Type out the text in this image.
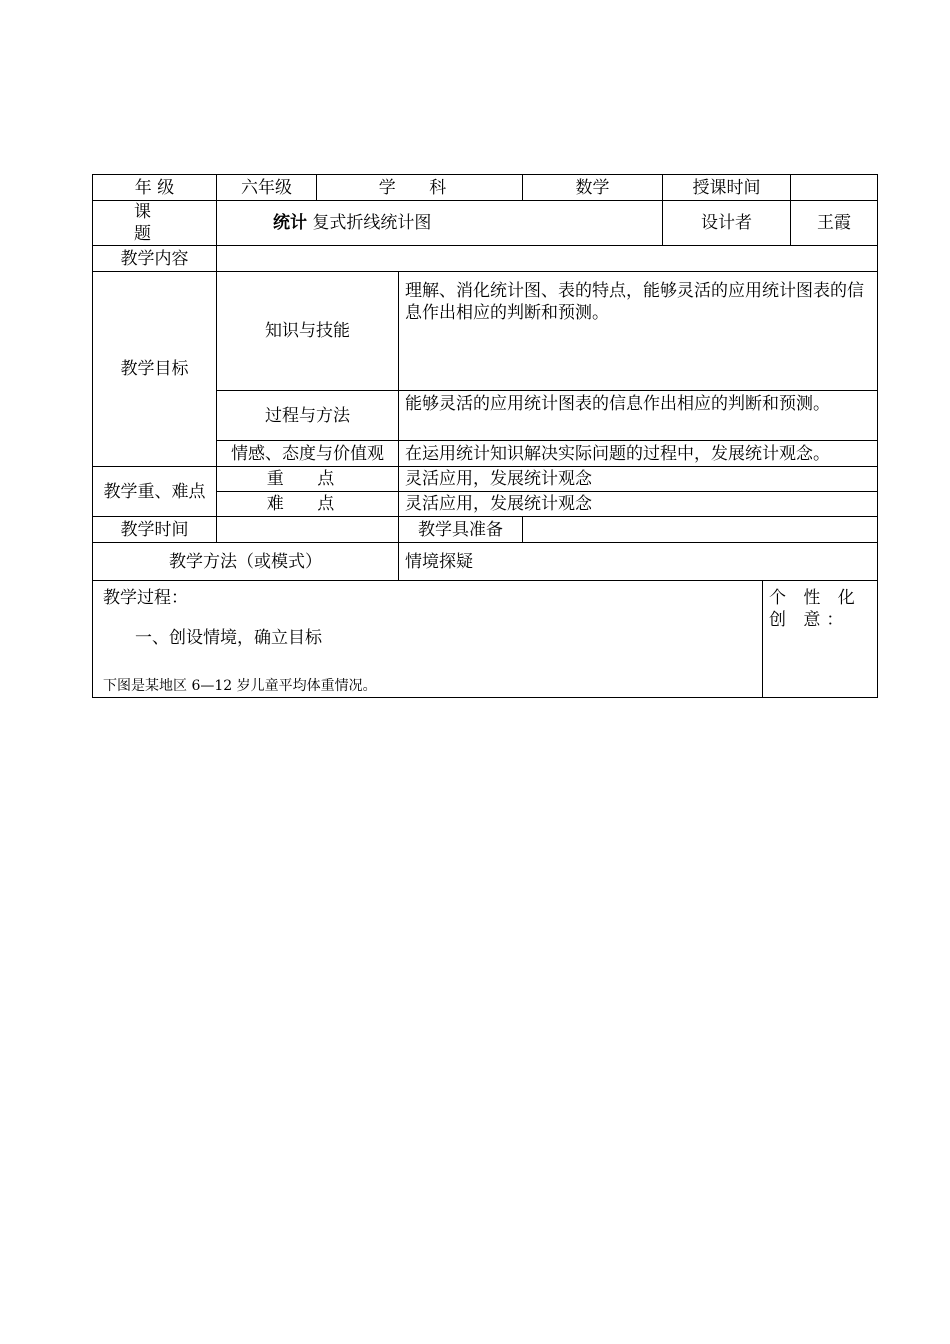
年 级	六年级	学 科		数学	授课时间		
课 题	统计 复式折线统计图				设计者		王霞
教学内容							
教学目标	知识与技能		理解、消化统计图、表的特点，能够灵活的应用统计图表的信息作出相应的判断和预测。				
	过程与方法		能够灵活的应用统计图表的信息作出相应的判断和预测。				
	情感、态度与价值观		在运用统计知识解决实际问题的过程中，发展统计观念。				
教学重、难点	重 点		灵活应用，发展统计观念				
	难 点		灵活应用，发展统计观念				
教学时间			教学具准备				
教学方法（或模式）			情境探疑				

教学过程：
一、创设情境，确立目标
下图是某地区 6—12 岁儿童平均体重情况。						个 性 化 创 意：	
